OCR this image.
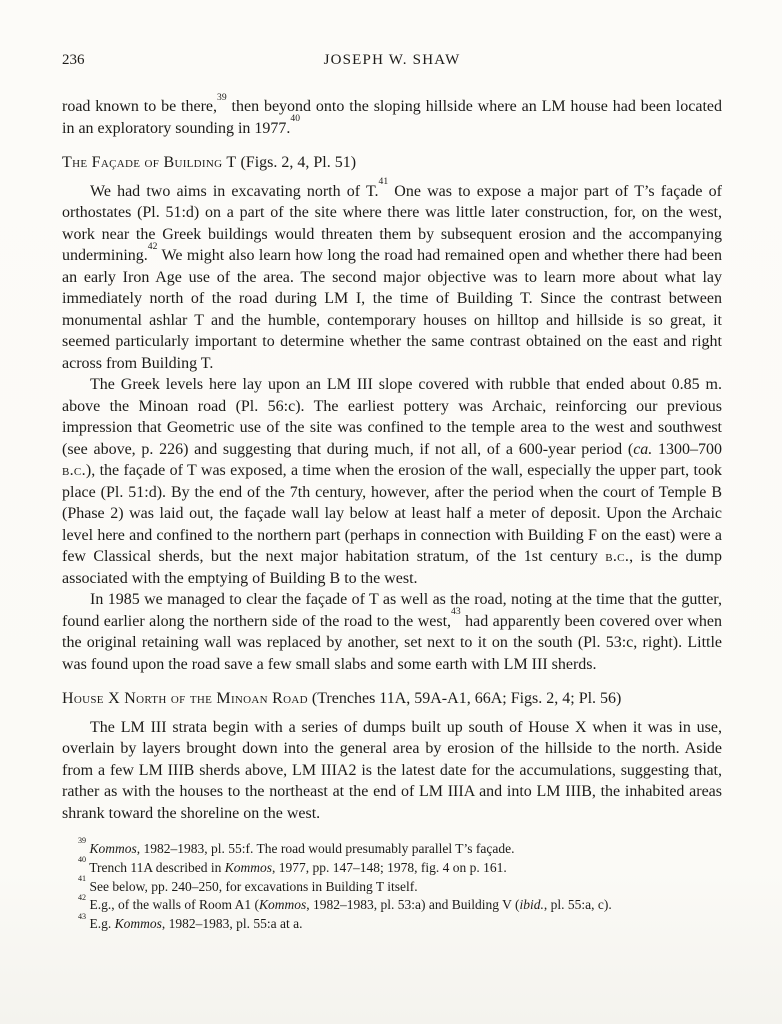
236	JOSEPH W. SHAW

road known to be there,$^{39}$ then beyond onto the sloping hillside where an LM house had been located in an exploratory sounding in 1977.40

The Façade of Building T (Figs. 2, 4, Pl. 51)

We had two aims in excavating north of T.$^{41}$ One was to expose a major part of T’s façade of orthostates (Pl. 51:d) on a part of the site where there was little later construction, for, on the west, work near the Greek buildings would threaten them by subsequent erosion and the accompanying undermining.$^{42}$ We might also learn how long the road had remained open and whether there had been an early Iron Age use of the area. The second major objective was to learn more about what lay immediately north of the road during LM I, the time of Building T. Since the contrast between monumental ashlar T and the humble, contemporary houses on hilltop and hillside is so great, it seemed particularly important to determine whether the same contrast obtained on the east and right across from Building T.

The Greek levels here lay upon an LM III slope covered with rubble that ended about 0.85 m. above the Minoan road (Pl. 56:c). The earliest pottery was Archaic, reinforcing our previous impression that Geometric use of the site was confined to the temple area to the west and southwest (see above, p. 226) and suggesting that during much, if not all, of a 600-year period (ca. 1300–700 b.c.), the façade of T was exposed, a time when the erosion of the wall, especially the upper part, took place (Pl. 51:d). By the end of the 7th century, however, after the period when the court of Temple B (Phase 2) was laid out, the façade wall lay below at least half a meter of deposit. Upon the Archaic level here and confined to the northern part (perhaps in connection with Building F on the east) were a few Classical sherds, but the next major habitation stratum, of the 1st century b.c., is the dump associated with the emptying of Building B to the west.

In 1985 we managed to clear the façade of T as well as the road, noting at the time that the gutter, found earlier along the northern side of the road to the west,$^{43}$ had apparently been covered over when the original retaining wall was replaced by another, set next to it on the south (Pl. 53:c, right). Little was found upon the road save a few small slabs and some earth with LM III sherds.

House X North of the Minoan Road (Trenches 11A, 59A-A1, 66A; Figs. 2, 4; Pl. 56)

The LM III strata begin with a series of dumps built up south of House X when it was in use, overlain by layers brought down into the general area by erosion of the hillside to the north. Aside from a few LM IIIB sherds above, LM IIIA2 is the latest date for the accumulations, suggesting that, rather as with the houses to the northeast at the end of LM IIIA and into LM IIIB, the inhabited areas shrank toward the shoreline on the west.

$^{39}$ Kommos, 1982–1983, pl. 55:f. The road would presumably parallel T’s façade.

$^{40}$ Trench 11A described in Kommos, 1977, pp. 147–148; 1978, fig. 4 on p. 161.

$^{41}$ See below, pp. 240–250, for excavations in Building T itself.

$^{42}$ E.g., of the walls of Room A1 (Kommos, 1982–1983, pl. 53:a) and Building V (ibid., pl. 55:a, c).

$^{43}$ E.g. Kommos, 1982–1983, pl. 55:a at a.
